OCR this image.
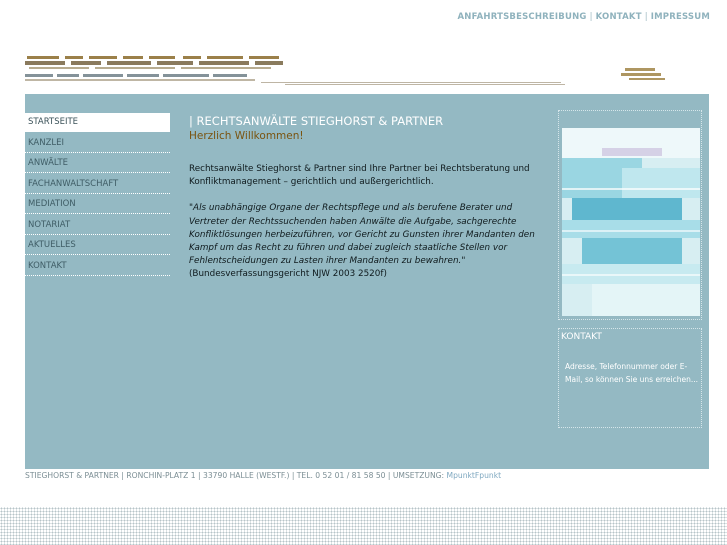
ANFAHRTSBESCHREIBUNG | KONTAKT | IMPRESSUM
STARTSEITE
KANZLEI
ANWÄLTE
FACHANWALTSCHAFT
MEDIATION
NOTARIAT
AKTUELLES
KONTAKT
| RECHTSANWÄLTE STIEGHORST & PARTNER
Herzlich Willkommen!

Rechtsanwälte Stieghorst & Partner sind Ihre Partner bei Rechtsberatung und Konfliktmanagement – gerichtlich und außergerichtlich.

"Als unabhängige Organe der Rechtspflege und als berufene Berater und Vertreter der Rechtssuchenden haben Anwälte die Aufgabe, sachgerechte Konfliktlösungen herbeizuführen, vor Gericht zu Gunsten ihrer Mandanten den Kampf um das Recht zu führen und dabei zugleich staatliche Stellen vor Fehlentscheidungen zu Lasten ihrer Mandanten zu bewahren." (Bundesverfassungsgericht NJW 2003 2520f)

KONTAKT
Adresse, Telefonnummer oder E-Mail, so können Sie uns erreichen...
STIEGHORST & PARTNER | RONCHIN-PLATZ 1 | 33790 HALLE (WESTF.) | TEL. 0 52 01 / 81 58 50 | UMSETZUNG: MpunktFpunkt
